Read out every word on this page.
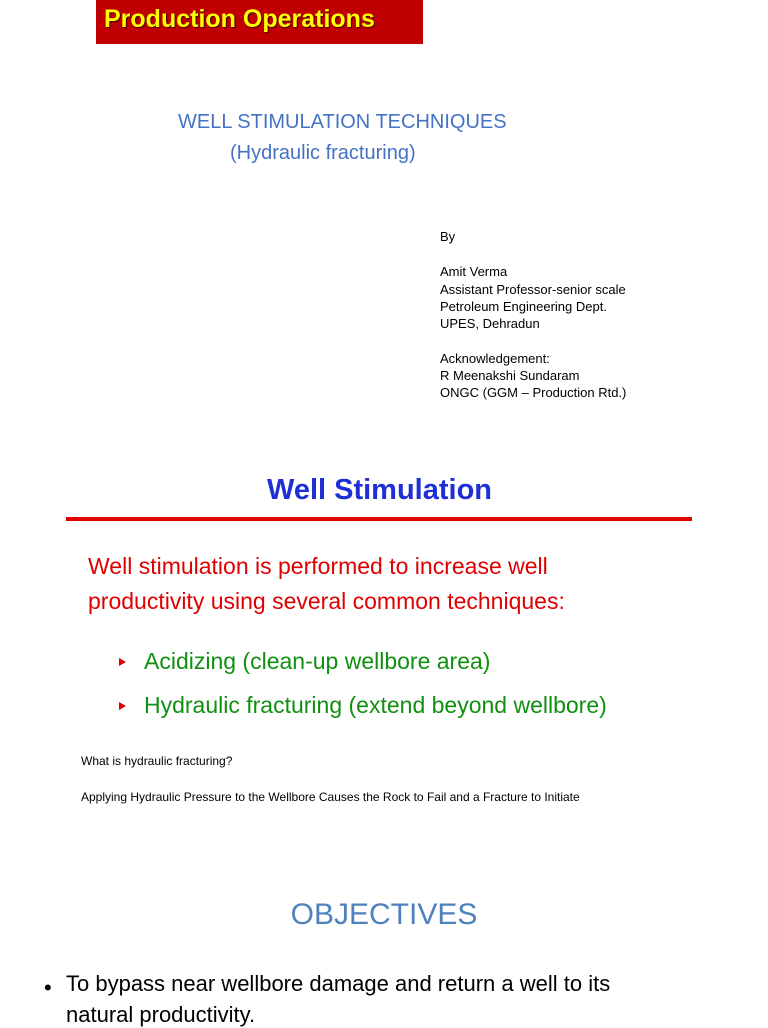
Production Operations
WELL STIMULATION TECHNIQUES
(Hydraulic fracturing)
By
Amit Verma
Assistant Professor-senior scale
Petroleum Engineering Dept.
UPES, Dehradun
Acknowledgement:
R Meenakshi Sundaram
ONGC (GGM – Production Rtd.)
Well Stimulation
Well stimulation is performed to increase well
productivity using several common techniques:
Acidizing (clean-up wellbore area)
Hydraulic fracturing (extend beyond wellbore)
What is hydraulic fracturing?
Applying Hydraulic Pressure to the Wellbore Causes the Rock to Fail and a Fracture to Initiate
OBJECTIVES
• To bypass near wellbore damage and return a well to its
natural productivity.
